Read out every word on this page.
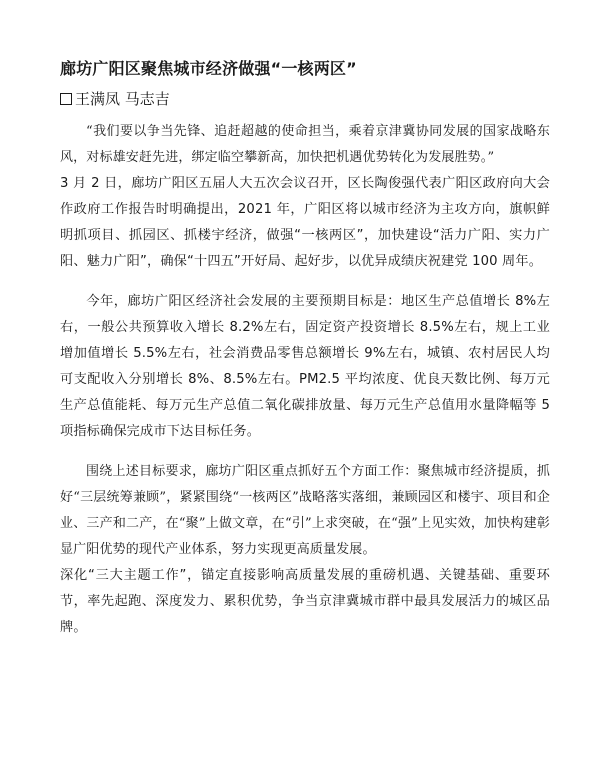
廊坊广阳区聚焦城市经济做强“一核两区”
王满凤 马志吉

“我们要以争当先锋、追赶超越的使命担当，乘着京津冀协同发展的国家战略东风，对标雄安赶先进，绑定临空攀新高，加快把机遇优势转化为发展胜势。”

3 月 2 日，廊坊广阳区五届人大五次会议召开，区长陶俊强代表广阳区政府向大会作政府工作报告时明确提出，2021 年，广阳区将以城市经济为主攻方向，旗帜鲜明抓项目、抓园区、抓楼宇经济，做强“一核两区”，加快建设“活力广阳、实力广阳、魅力广阳”，确保“十四五”开好局、起好步，以优异成绩庆祝建党 100 周年。

今年，廊坊广阳区经济社会发展的主要预期目标是：地区生产总值增长 8%左右，一般公共预算收入增长 8.2%左右，固定资产投资增长 8.5%左右，规上工业增加值增长 5.5%左右，社会消费品零售总额增长 9%左右，城镇、农村居民人均可支配收入分别增长 8%、8.5%左右。PM2.5 平均浓度、优良天数比例、每万元生产总值能耗、每万元生产总值二氧化碳排放量、每万元生产总值用水量降幅等 5 项指标确保完成市下达目标任务。

围绕上述目标要求，廊坊广阳区重点抓好五个方面工作：聚焦城市经济提质，抓好“三层统筹兼顾”，紧紧围绕“一核两区”战略落实落细，兼顾园区和楼宇、项目和企业、三产和二产，在“聚”上做文章，在“引”上求突破，在“强”上见实效，加快构建彰显广阳优势的现代产业体系，努力实现更高质量发展。

深化“三大主题工作”，锚定直接影响高质量发展的重磅机遇、关键基础、重要环节，率先起跑、深度发力、累积优势，争当京津冀城市群中最具发展活力的城区品牌。
